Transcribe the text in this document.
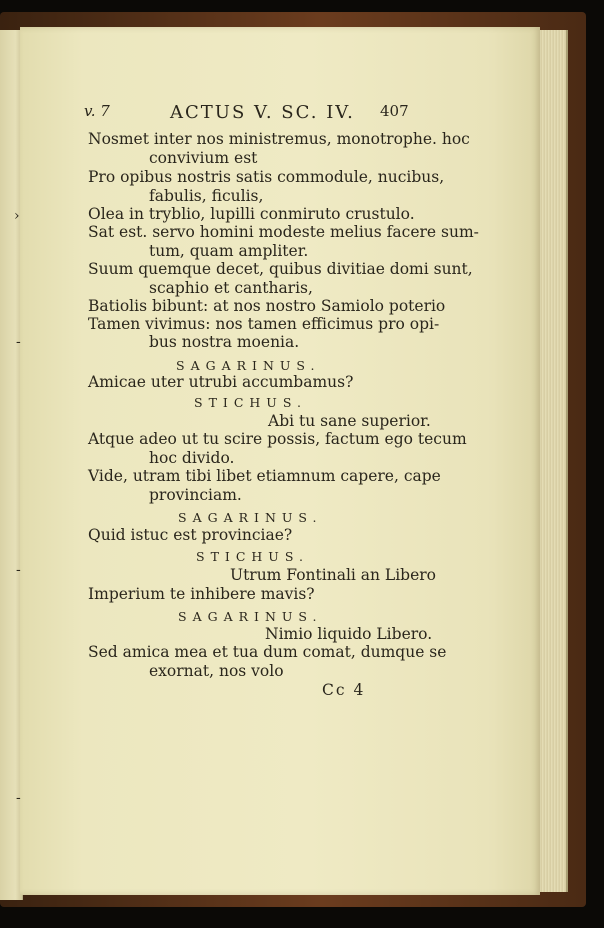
›
-
-
-
v. 7	ACTUS V. SC. IV. 407
Nosmet inter nos ministremus, monotrophe. hoc
convivium est
Pro opibus nostris satis commodule, nucibus,
fabulis, ficulis,
Olea in tryblio, lupilli conmiruto crustulo.
Sat est. servo homini modeste melius facere sum-
tum, quam ampliter.
Suum quemque decet, quibus divitiae domi sunt,
scaphio et cantharis,
Batiolis bibunt: at nos nostro Samiolo poterio
Tamen vivimus: nos tamen efficimus pro opi-
bus nostra moenia.
SAGARINUS.
Amicae uter utrubi accumbamus?
STICHUS.
Abi tu sane superior.
Atque adeo ut tu scire possis, factum ego tecum
hoc divido.
Vide, utram tibi libet etiamnum capere, cape
provinciam.
SAGARINUS.
Quid istuc est provinciae?
STICHUS.
Utrum Fontinali an Libero
Imperium te inhibere mavis?
SAGARINUS.
Nimio liquido Libero.
Sed amica mea et tua dum comat, dumque se
exornat, nos volo
Cc 4
